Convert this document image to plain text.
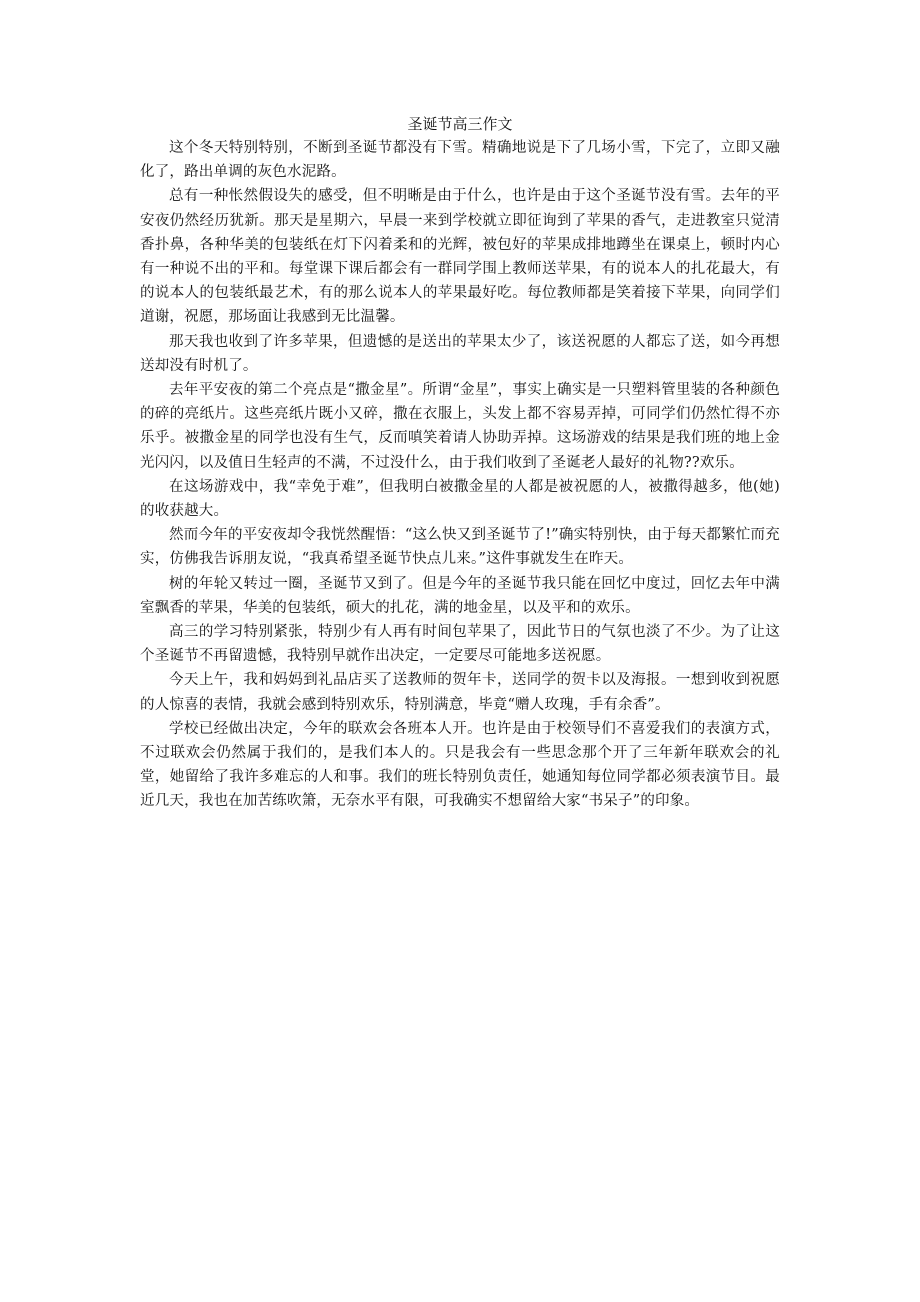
圣诞节高三作文

这个冬天特别特别，不断到圣诞节都没有下雪。精确地说是下了几场小雪，下完了，立即又融化了，路出单调的灰色水泥路。

总有一种怅然假设失的感受，但不明晰是由于什么，也许是由于这个圣诞节没有雪。去年的平安夜仍然经历犹新。那天是星期六，早晨一来到学校就立即征询到了苹果的香气，走进教室只觉清香扑鼻，各种华美的包装纸在灯下闪着柔和的光辉，被包好的苹果成排地蹲坐在课桌上，顿时内心有一种说不出的平和。每堂课下课后都会有一群同学围上教师送苹果，有的说本人的扎花最大，有的说本人的包装纸最艺术，有的那么说本人的苹果最好吃。每位教师都是笑着接下苹果，向同学们道谢，祝愿，那场面让我感到无比温馨。

那天我也收到了许多苹果，但遗憾的是送出的苹果太少了，该送祝愿的人都忘了送，如今再想送却没有时机了。

去年平安夜的第二个亮点是“撒金星”。所谓“金星”，事实上确实是一只塑料管里装的各种颜色的碎的亮纸片。这些亮纸片既小又碎，撒在衣服上，头发上都不容易弄掉，可同学们仍然忙得不亦乐乎。被撒金星的同学也没有生气，反而嗔笑着请人协助弄掉。这场游戏的结果是我们班的地上金光闪闪，以及值日生轻声的不满，不过没什么，由于我们收到了圣诞老人最好的礼物??欢乐。

在这场游戏中，我“幸免于难”，但我明白被撒金星的人都是被祝愿的人，被撒得越多，他(她)的收获越大。

然而今年的平安夜却令我恍然醒悟：“这么快又到圣诞节了!”确实特别快，由于每天都繁忙而充实，仿佛我告诉朋友说，“我真希望圣诞节快点儿来。”这件事就发生在昨天。

树的年轮又转过一圈，圣诞节又到了。但是今年的圣诞节我只能在回忆中度过，回忆去年中满室飘香的苹果，华美的包装纸，硕大的扎花，满的地金星，以及平和的欢乐。

高三的学习特别紧张，特别少有人再有时间包苹果了，因此节日的气氛也淡了不少。为了让这个圣诞节不再留遗憾，我特别早就作出决定，一定要尽可能地多送祝愿。

今天上午，我和妈妈到礼品店买了送教师的贺年卡，送同学的贺卡以及海报。一想到收到祝愿的人惊喜的表情，我就会感到特别欢乐，特别满意，毕竟“赠人玫瑰，手有余香”。

学校已经做出决定，今年的联欢会各班本人开。也许是由于校领导们不喜爱我们的表演方式，不过联欢会仍然属于我们的，是我们本人的。只是我会有一些思念那个开了三年新年联欢会的礼堂，她留给了我许多难忘的人和事。我们的班长特别负责任，她通知每位同学都必须表演节目。最近几天，我也在加苦练吹箫，无奈水平有限，可我确实不想留给大家“书呆子”的印象。
